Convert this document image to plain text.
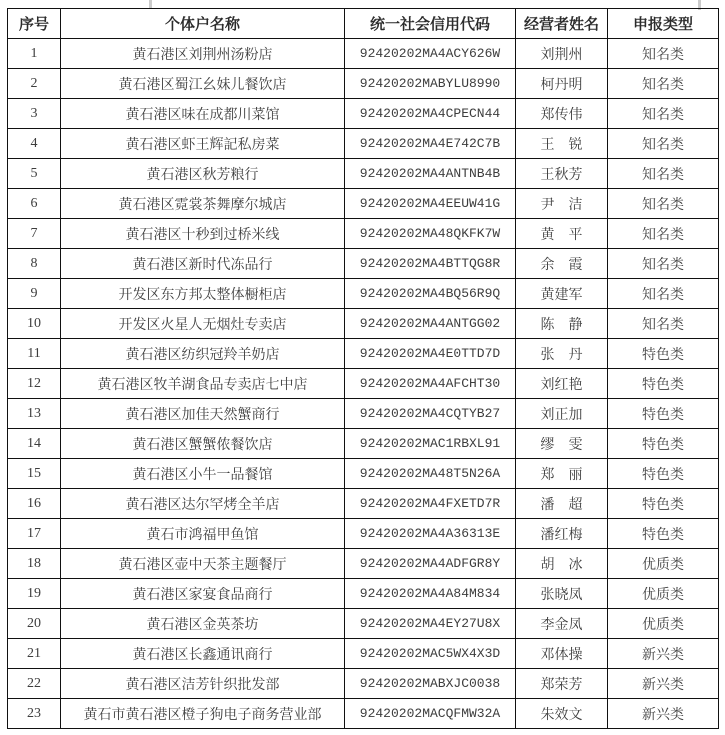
序号	个体户名称	统一社会信用代码	经营者姓名	申报类型
1	黄石港区刘荆州汤粉店	92420202MA4ACY626W	刘荆州	知名类
2	黄石港区蜀江幺妹儿餐饮店	92420202MABYLU8990	柯丹明	知名类
3	黄石港区味在成都川菜馆	92420202MA4CPECN44	郑传伟	知名类
4	黄石港区虾王辉記私房菜	92420202MA4E742C7B	王　锐	知名类
5	黄石港区秋芳粮行	92420202MA4ANTNB4B	王秋芳	知名类
6	黄石港区霓裳茶舞摩尔城店	92420202MA4EEUW41G	尹　洁	知名类
7	黄石港区十秒到过桥米线	92420202MA48QKFK7W	黄　平	知名类
8	黄石港区新时代冻品行	92420202MA4BTTQG8R	余　霞	知名类
9	开发区东方邦太整体橱柜店	92420202MA4BQ56R9Q	黄建军	知名类
10	开发区火星人无烟灶专卖店	92420202MA4ANTGG02	陈　静	知名类
11	黄石港区纺织冠羚羊奶店	92420202MA4E0TTD7D	张　丹	特色类
12	黄石港区牧羊湖食品专卖店七中店	92420202MA4AFCHT30	刘红艳	特色类
13	黄石港区加佳天然蟹商行	92420202MA4CQTYB27	刘正加	特色类
14	黄石港区蟹蟹侬餐饮店	92420202MAC1RBXL91	缪　雯	特色类
15	黄石港区小牛一品餐馆	92420202MA48T5N26A	郑　丽	特色类
16	黄石港区达尔罕烤全羊店	92420202MA4FXETD7R	潘　超	特色类
17	黄石市鸿福甲鱼馆	92420202MA4A36313E	潘红梅	特色类
18	黄石港区壶中天茶主题餐厅	92420202MA4ADFGR8Y	胡　冰	优质类
19	黄石港区家宴食品商行	92420202MA4A84M834	张晓凤	优质类
20	黄石港区金英茶坊	92420202MA4EY27U8X	李金凤	优质类
21	黄石港区长鑫通讯商行	92420202MAC5WX4X3D	邓体操	新兴类
22	黄石港区洁芳针织批发部	92420202MABXJC0038	郑荣芳	新兴类
23	黄石市黄石港区橙子狗电子商务营业部	92420202MACQFMW32A	朱效文	新兴类
